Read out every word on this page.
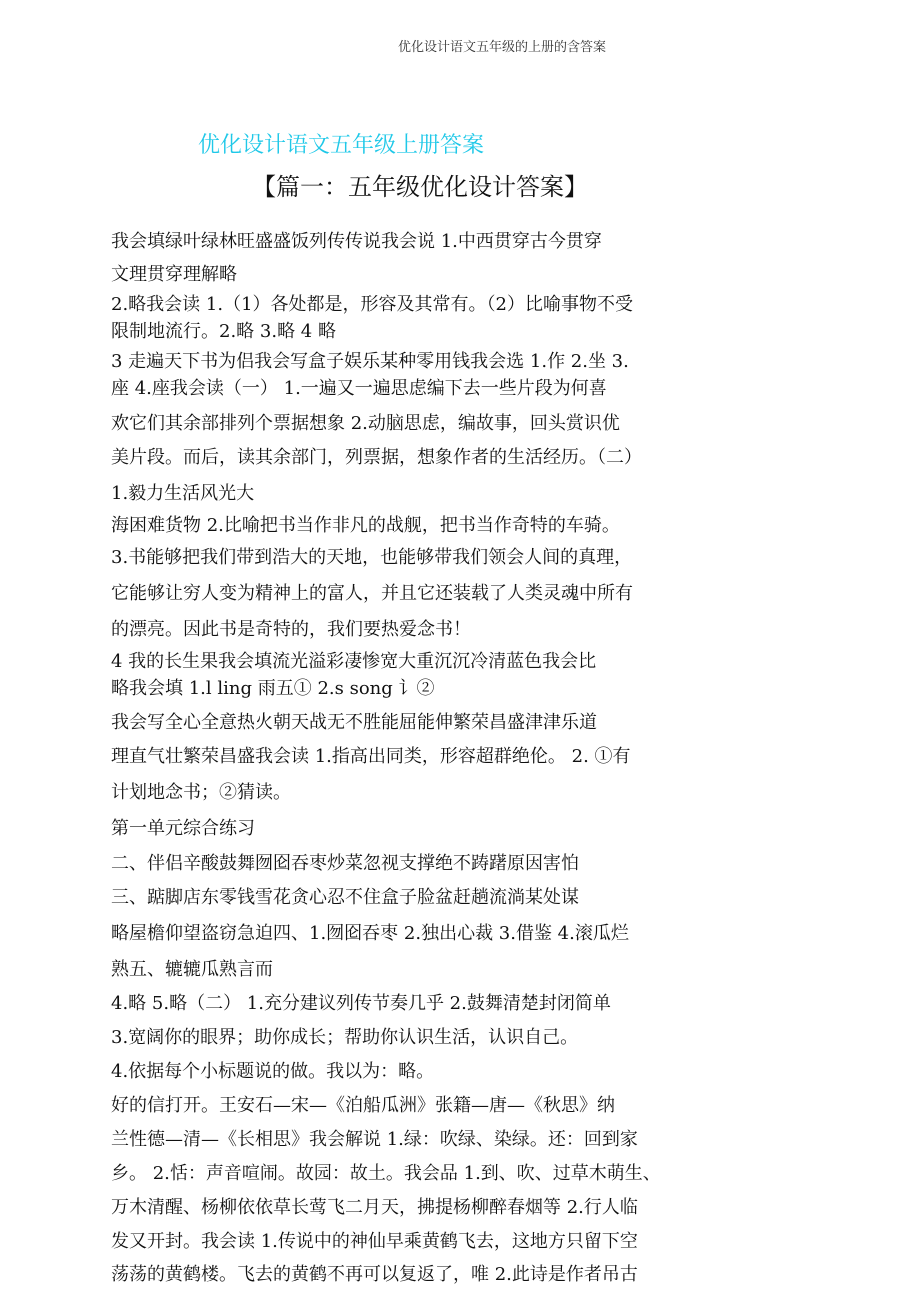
优化设计语文五年级的上册的含答案
优化设计语文五年级上册答案
【篇一：五年级优化设计答案】
我会填绿叶绿林旺盛盛饭列传传说我会说 1.中西贯穿古今贯穿
文理贯穿理解略
2.略我会读 1.（1）各处都是，形容及其常有。（2）比喻事物不受
限制地流行。2.略 3.略 4 略
3 走遍天下书为侣我会写盒子娱乐某种零用钱我会选 1.作 2.坐 3.
座 4.座我会读（一） 1.一遍又一遍思虑编下去一些片段为何喜
欢它们其余部排列个票据想象 2.动脑思虑，编故事，回头赏识优
美片段。而后，读其余部门，列票据，想象作者的生活经历。（二）
1.毅力生活风光大
海困难货物 2.比喻把书当作非凡的战舰，把书当作奇特的车骑。
3.书能够把我们带到浩大的天地，也能够带我们领会人间的真理，
它能够让穷人变为精神上的富人，并且它还装载了人类灵魂中所有
的漂亮。因此书是奇特的，我们要热爱念书！
4 我的长生果我会填流光溢彩凄惨宽大重沉沉冷清蓝色我会比
略我会填 1.l ling 雨五① 2.s song 讠②
我会写全心全意热火朝天战无不胜能屈能伸繁荣昌盛津津乐道
理直气壮繁荣昌盛我会读 1.指高出同类，形容超群绝伦。 2. ①有
计划地念书；②猜读。
第一单元综合练习
二、伴侣辛酸鼓舞囫囵吞枣炒菜忽视支撑绝不踌躇原因害怕
三、踮脚店东零钱雪花贪心忍不住盒子脸盆赶趟流淌某处谋
略屋檐仰望盗窃急迫四、1.囫囵吞枣 2.独出心裁 3.借鉴 4.滚瓜烂
熟五、辘辘瓜熟言而
4.略 5.略（二） 1.充分建议列传节奏几乎 2.鼓舞清楚封闭简单
3.宽阔你的眼界；助你成长；帮助你认识生活，认识自己。
4.依据每个小标题说的做。我以为：略。
好的信打开。王安石—宋—《泊船瓜洲》张籍—唐—《秋思》纳
兰性德—清—《长相思》我会解说 1.绿：吹绿、染绿。还：回到家
乡。 2.恬：声音喧闹。故园：故土。我会品 1.到、吹、过草木萌生、
万木清醒、杨柳依依草长莺飞二月天，拂提杨柳醉春烟等 2.行人临
发又开封。我会读 1.传说中的神仙早乘黄鹤飞去，这地方只留下空
荡荡的黄鹤楼。飞去的黄鹤不再可以复返了，唯 2.此诗是作者吊古
